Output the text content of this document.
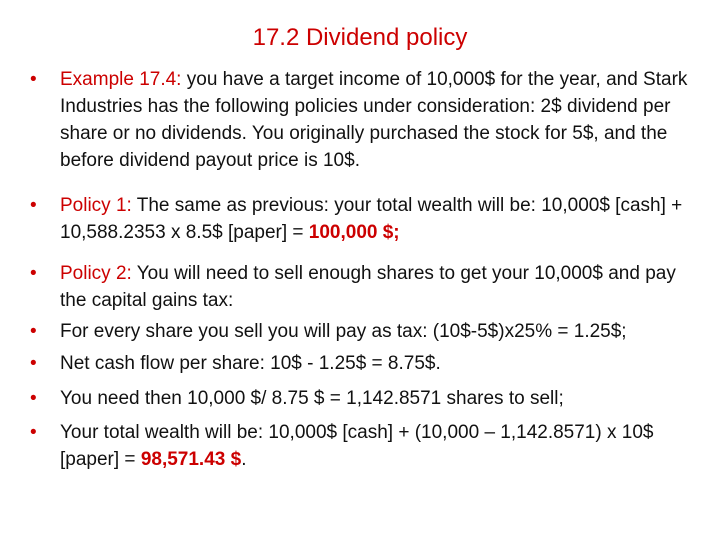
17.2 Dividend policy
•	Example 17.4: you have a target income of 10,000$ for the year, and Stark Industries has the following policies under consideration: 2$ dividend per share or no dividends. You originally purchased the stock for 5$, and the before dividend payout price is 10$.
•	Policy 1: The same as previous: your total wealth will be: 10,000$ [cash] + 10,588.2353 x 8.5$ [paper] = 100,000 $;
•	Policy 2: You will need to sell enough shares to get your 10,000$ and pay the capital gains tax:
•	For every share you sell you will pay as tax: (10$-5$)x25% = 1.25$;
•	Net cash flow per share: 10$ - 1.25$ = 8.75$.
•	You need then 10,000 $/ 8.75 $ = 1,142.8571 shares to sell;
•	Your total wealth will be: 10,000$ [cash] + (10,000 – 1,142.8571) x 10$ [paper] = 98,571.43 $.
